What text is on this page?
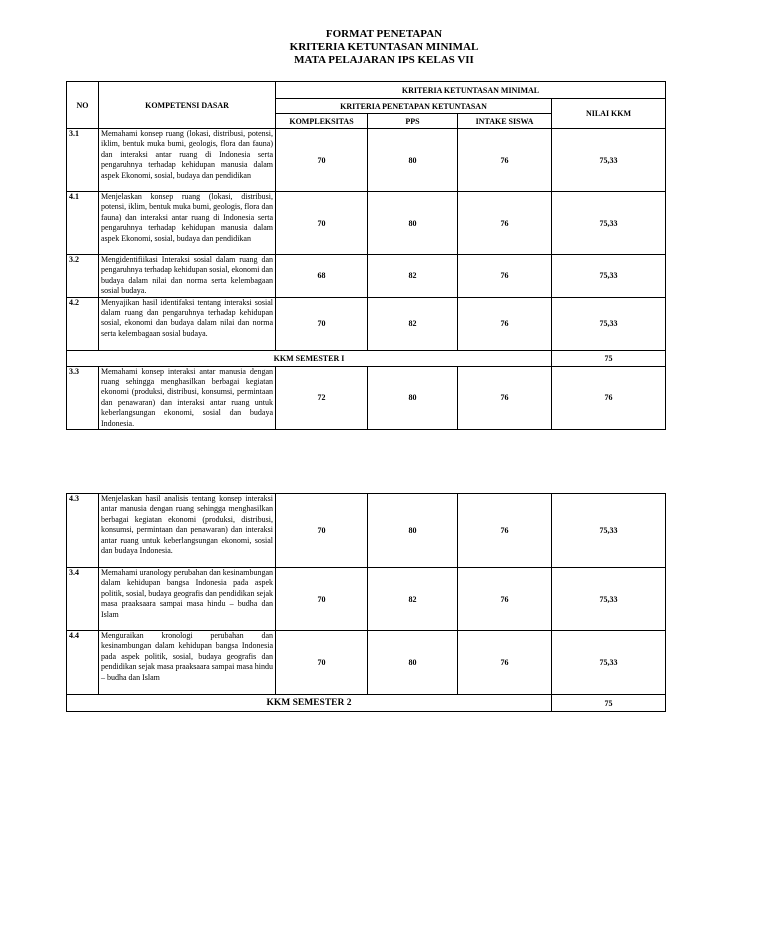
FORMAT PENETAPAN
KRITERIA KETUNTASAN MINIMAL
MATA PELAJARAN IPS KELAS VII
NO	KOMPETENSI DASAR	KRITERIA KETUNTASAN MINIMAL			
		KRITERIA PENETAPAN KETUNTASAN			NILAI KKM
		KOMPLEKSITAS	PPS	INTAKE SISWA	
3.1	Memahami konsep ruang (lokasi, distribusi, potensi, iklim, bentuk muka bumi, geologis, flora dan fauna) dan interaksi antar ruang di Indonesia serta pengaruhnya terhadap kehidupan manusia dalam aspek Ekonomi, sosial, budaya dan pendidikan	70	80	76	75,33
4.1	Menjelaskan konsep ruang (lokasi, distribusi, potensi, iklim, bentuk muka bumi, geologis, flora dan fauna) dan interaksi antar ruang di Indonesia serta pengaruhnya terhadap kehidupan manusia dalam aspek Ekonomi, sosial, budaya dan pendidikan	70	80	76	75,33
3.2	Mengidentifiikasi Interaksi sosial dalam ruang dan pengaruhnya terhadap kehidupan sosial, ekonomi dan budaya dalam nilai dan norma serta kelembagaan sosial budaya.	68	82	76	75,33
4.2	Menyajikan hasil identifaksi tentang interaksi sosial dalam ruang dan pengaruhnya terhadap kehidupan sosial, ekonomi dan budaya dalam nilai dan norma serta kelembagaan sosial budaya.	70	82	76	75,33
KKM SEMESTER I					75
3.3	Memahami konsep interaksi antar manusia dengan ruang sehingga menghasilkan berbagai kegiatan ekonomi (produksi, distribusi, konsumsi, permintaan dan penawaran) dan interaksi antar ruang untuk keberlangsungan ekonomi, sosial dan budaya Indonesia.	72	80	76	76
4.3	Menjelaskan hasil analisis tentang konsep interaksi antar manusia dengan ruang sehingga menghasilkan berbagai kegiatan ekonomi (produksi, distribusi, konsumsi, permintaan dan penawaran) dan interaksi antar ruang untuk keberlangsungan ekonomi, sosial dan budaya Indonesia.	70	80	76	75,33
3.4	Memahami uranology perubahan dan kesinambungan dalam kehidupan bangsa Indonesia pada aspek politik, sosial, budaya geografis dan pendidikan sejak masa praaksaara sampai masa hindu – budha dan Islam	70	82	76	75,33
4.4	Menguraikan kronologi perubahan dan kesinambungan dalam kehidupan bangsa Indonesia pada aspek politik, sosial, budaya geografis dan pendidikan sejak masa praaksaara sampai masa hindu – budha dan Islam	70	80	76	75,33
KKM SEMESTER 2					75
